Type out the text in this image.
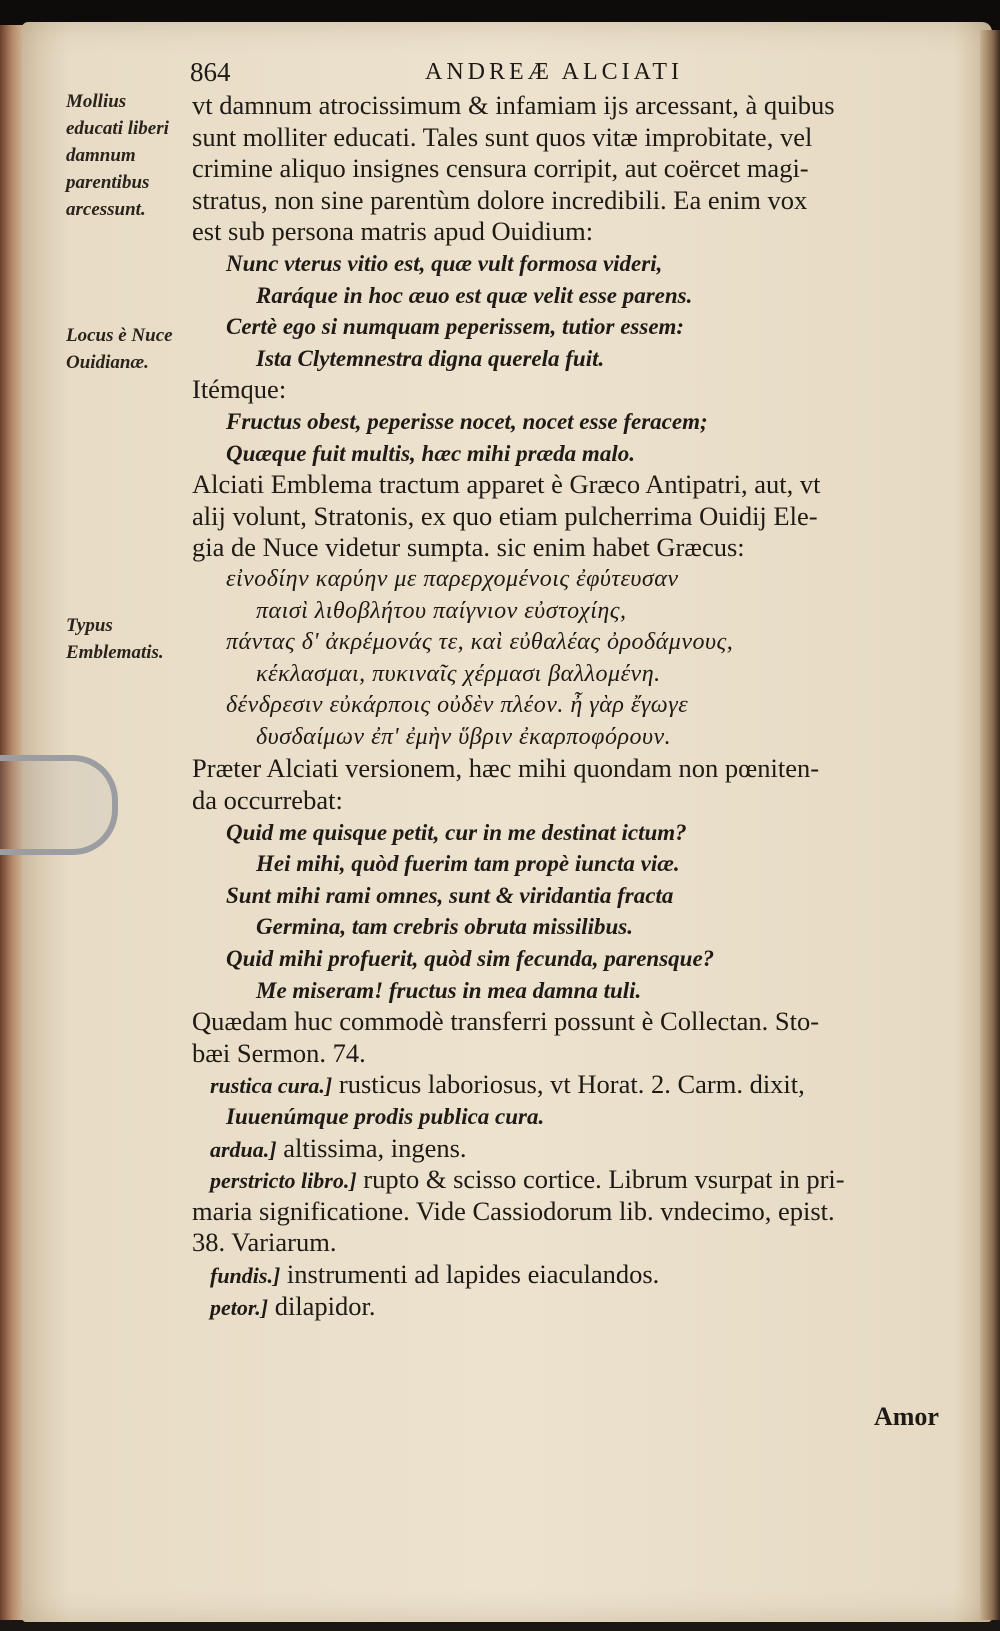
864	ANDREÆ ALCIATI
Mollius educati liberi damnum parentibus arcessunt.
Locus è Nuce Ouidianæ.
Typus Emblematis.
vt damnum atrocissimum & infamiam ijs arcessant, à quibus
sunt molliter educati. Tales sunt quos vitæ improbitate, vel
crimine aliquo insignes censura corripit, aut coërcet magi-
stratus, non sine parentùm dolore incredibili. Ea enim vox
est sub persona matris apud Ouidium:
Nunc vterus vitio est, quæ vult formosa videri,
Raráque in hoc æuo est quæ velit esse parens.
Certè ego si numquam peperissem, tutior essem:
Ista Clytemnestra digna querela fuit.
Itémque:
Fructus obest, peperisse nocet, nocet esse feracem;
Quæque fuit multis, hæc mihi præda malo.
Alciati Emblema tractum apparet è Græco Antipatri, aut, vt
alij volunt, Stratonis, ex quo etiam pulcherrima Ouidij Ele-
gia de Nuce videtur sumpta. sic enim habet Græcus:
εἰνοδίην καρύην με παρερχομένοις ἐφύτευσαν
παισὶ λιθοβλήτου παίγνιον εὐστοχίης,
πάντας δ' ἀκρέμονάς τε, καὶ εὐθαλέας ὀροδάμνους,
κέκλασμαι, πυκιναῖς χέρμασι βαλλομένη.
δένδρεσιν εὐκάρποις οὐδὲν πλέον. ἦ γὰρ ἔγωγε
δυσδαίμων ἐπ' ἐμὴν ὕβριν ἐκαρποφόρουν.
Præter Alciati versionem, hæc mihi quondam non pœniten-
da occurrebat:
Quid me quisque petit, cur in me destinat ictum?
Hei mihi, quòd fuerim tam propè iuncta viæ.
Sunt mihi rami omnes, sunt & viridantia fracta
Germina, tam crebris obruta missilibus.
Quid mihi profuerit, quòd sim fecunda, parensque?
Me miseram! fructus in mea damna tuli.
Quædam huc commodè transferri possunt è Collectan. Sto-
bæi Sermon. 74.
rustica cura.] rusticus laboriosus, vt Horat. 2. Carm. dixit,
Iuuenúmque prodis publica cura.
ardua.] altissima, ingens.
perstricto libro.] rupto & scisso cortice. Librum vsurpat in pri-
maria significatione. Vide Cassiodorum lib. vndecimo, epist.
38. Variarum.
fundis.] instrumenti ad lapides eiaculandos.
petor.] dilapidor.
Amor
